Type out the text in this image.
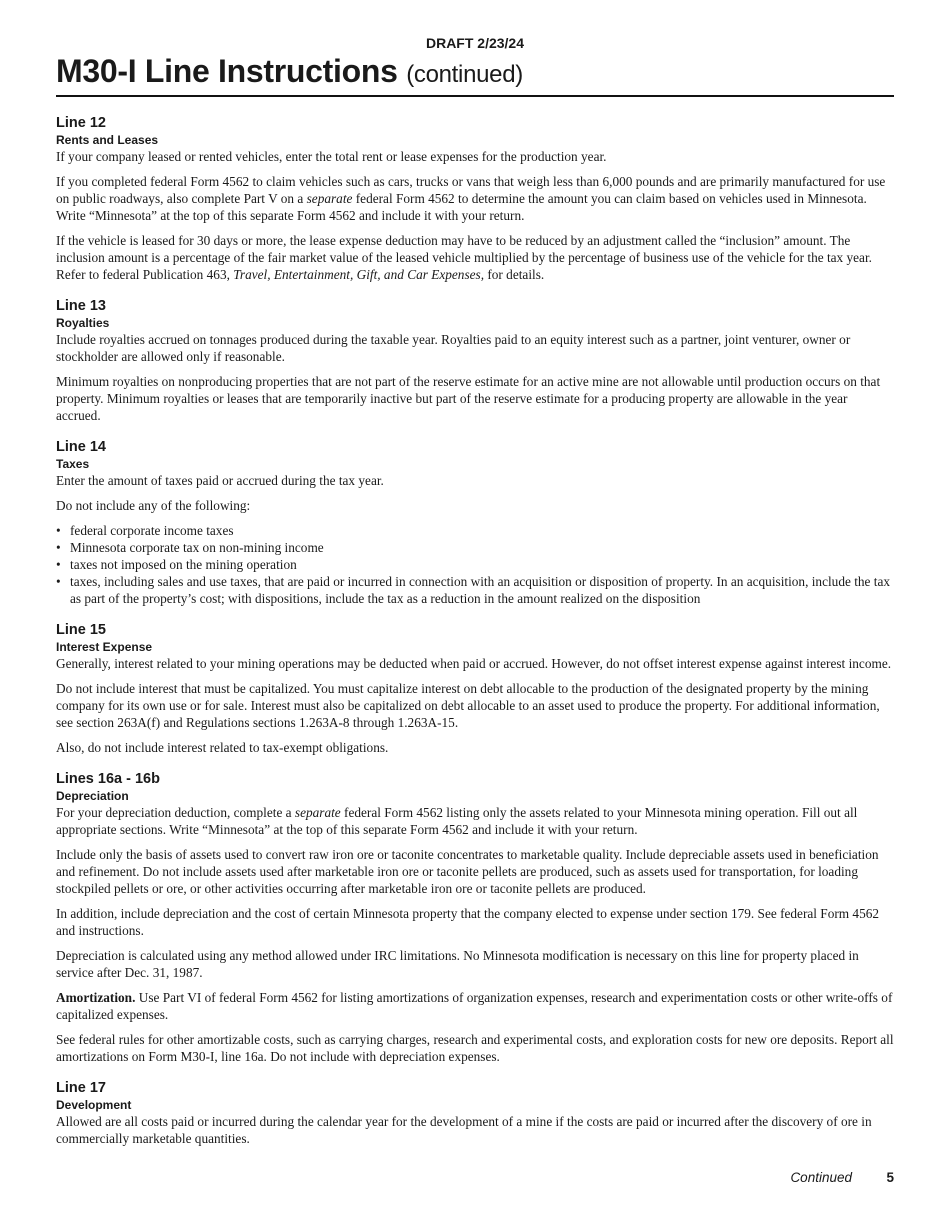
DRAFT 2/23/24
M30-I Line Instructions (continued)
Line 12
Rents and Leases

If your company leased or rented vehicles, enter the total rent or lease expenses for the production year.

If you completed federal Form 4562 to claim vehicles such as cars, trucks or vans that weigh less than 6,000 pounds and are primarily manufactured for use on public roadways, also complete Part V on a separate federal Form 4562 to determine the amount you can claim based on vehicles used in Minnesota. Write “Minnesota” at the top of this separate Form 4562 and include it with your return.

If the vehicle is leased for 30 days or more, the lease expense deduction may have to be reduced by an adjustment called the “inclusion” amount. The inclusion amount is a percentage of the fair market value of the leased vehicle multiplied by the percentage of business use of the vehicle for the tax year. Refer to federal Publication 463, Travel, Entertainment, Gift, and Car Expenses, for details.

Line 13
Royalties

Include royalties accrued on tonnages produced during the taxable year. Royalties paid to an equity interest such as a partner, joint venturer, owner or stockholder are allowed only if reasonable.

Minimum royalties on nonproducing properties that are not part of the reserve estimate for an active mine are not allowable until production occurs on that property. Minimum royalties or leases that are temporarily inactive but part of the reserve estimate for a producing property are allowable in the year accrued.

Line 14
Taxes

Enter the amount of taxes paid or accrued during the tax year.

Do not include any of the following:

• federal corporate income taxes
• Minnesota corporate tax on non-mining income
• taxes not imposed on the mining operation
• taxes, including sales and use taxes, that are paid or incurred in connection with an acquisition or disposition of property. In an acquisition, include the tax as part of the property’s cost; with dispositions, include the tax as a reduction in the amount realized on the disposition
Line 15
Interest Expense

Generally, interest related to your mining operations may be deducted when paid or accrued. However, do not offset interest expense against interest income.

Do not include interest that must be capitalized. You must capitalize interest on debt allocable to the production of the designated property by the mining company for its own use or for sale. Interest must also be capitalized on debt allocable to an asset used to produce the property. For additional information, see section 263A(f) and Regulations sections 1.263A-8 through 1.263A-15.

Also, do not include interest related to tax-exempt obligations.

Lines 16a - 16b
Depreciation

For your depreciation deduction, complete a separate federal Form 4562 listing only the assets related to your Minnesota mining operation. Fill out all appropriate sections. Write “Minnesota” at the top of this separate Form 4562 and include it with your return.

Include only the basis of assets used to convert raw iron ore or taconite concentrates to marketable quality. Include depreciable assets used in beneficiation and refinement. Do not include assets used after marketable iron ore or taconite pellets are produced, such as assets used for transportation, for loading stockpiled pellets or ore, or other activities occurring after marketable iron ore or taconite pellets are produced.

In addition, include depreciation and the cost of certain Minnesota property that the company elected to expense under section 179. See federal Form 4562 and instructions.

Depreciation is calculated using any method allowed under IRC limitations. No Minnesota modification is necessary on this line for property placed in service after Dec. 31, 1987.

Amortization. Use Part VI of federal Form 4562 for listing amortizations of organization expenses, research and experimentation costs or other write-offs of capitalized expenses.

See federal rules for other amortizable costs, such as carrying charges, research and experimental costs, and exploration costs for new ore deposits. Report all amortizations on Form M30-I, line 16a. Do not include with depreciation expenses.

Line 17
Development

Allowed are all costs paid or incurred during the calendar year for the development of a mine if the costs are paid or incurred after the discovery of ore in commercially marketable quantities.

Continued	5
